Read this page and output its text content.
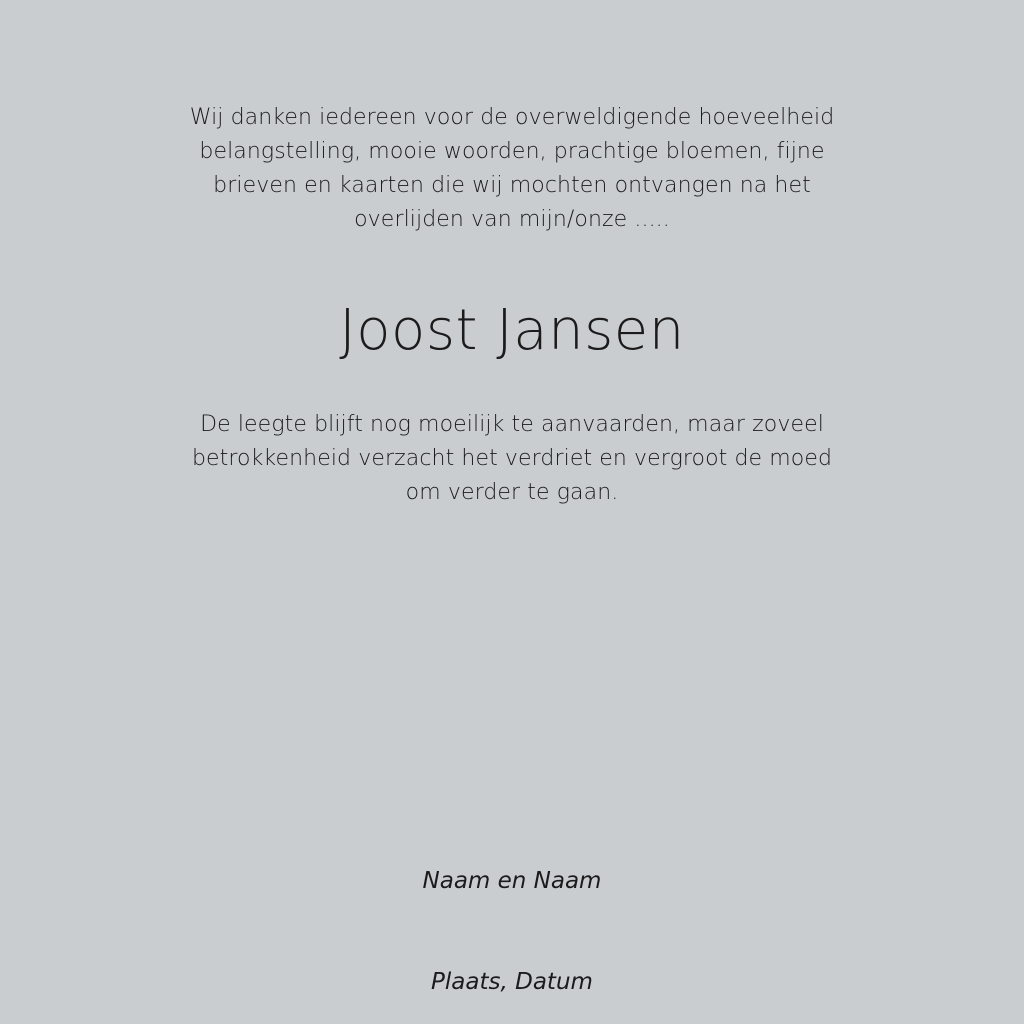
Wij danken iedereen voor de overweldigende hoeveelheid
belangstelling, mooie woorden, prachtige bloemen, fijne
brieven en kaarten die wij mochten ontvangen na het
overlijden van mijn/onze .....

Joost Jansen

De leegte blijft nog moeilijk te aanvaarden, maar zoveel
betrokkenheid verzacht het verdriet en vergroot de moed
om verder te gaan.

Naam en Naam
Plaats, Datum
